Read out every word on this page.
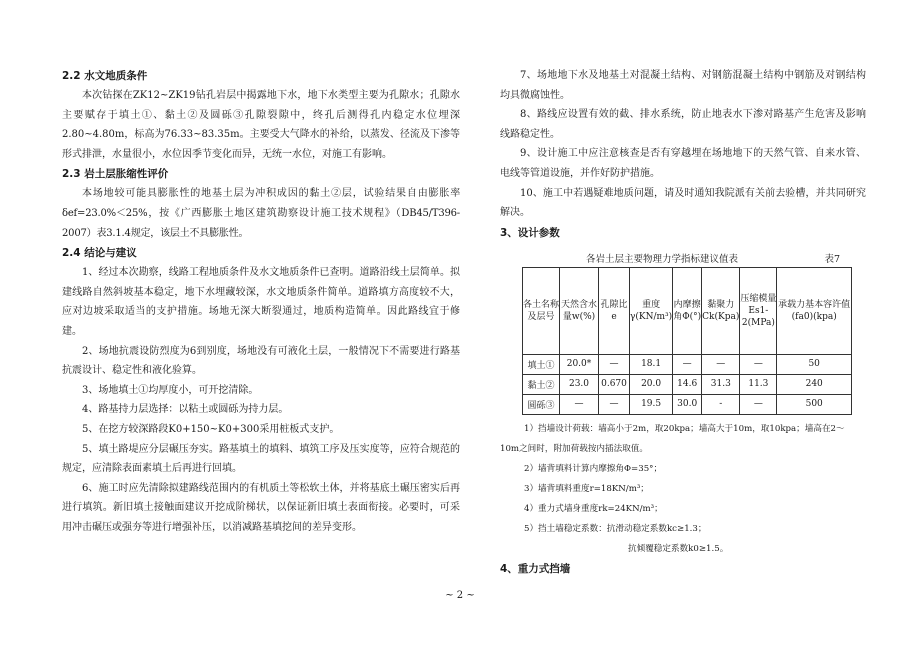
2.2 水文地质条件

本次钻探在ZK12~ZK19钻孔岩层中揭露地下水，地下水类型主要为孔隙水；孔隙水主要赋存于填土①、黏土②及圆砾③孔隙裂隙中，终孔后测得孔内稳定水位埋深2.80~4.80m，标高为76.33~83.35m。主要受大气降水的补给，以蒸发、径流及下渗等形式排泄，水量很小，水位因季节变化而异，无统一水位，对施工有影响。

2.3 岩土层胀缩性评价

本场地较可能具膨胀性的地基土层为冲积成因的黏土②层，试验结果自由膨胀率δef=23.0%＜25%，按《广西膨胀土地区建筑勘察设计施工技术规程》（DB45/T396-2007）表3.1.4规定，该层土不具膨胀性。

2.4 结论与建议

1、经过本次勘察，线路工程地质条件及水文地质条件已查明。道路沿线土层简单。拟建线路自然斜坡基本稳定，地下水埋藏较深，水文地质条件简单。道路填方高度较不大，应对边坡采取适当的支护措施。场地无深大断裂通过，地质构造简单。因此路线宜于修建。

2、场地抗震设防烈度为6到别度，场地没有可液化土层，一般情况下不需要进行路基抗震设计、稳定性和液化验算。

3、场地填土①均厚度小，可开挖清除。

4、路基持力层选择：以粘土或圆砾为持力层。

5、在挖方较深路段K0+150~K0+300采用桩板式支护。

5、填土路堤应分层碾压夯实。路基填土的填料、填筑工序及压实度等，应符合规范的规定，应清除表面素填土后再进行回填。

6、施工时应先清除拟建路线范围内的有机质土等松软土体，并将基底土碾压密实后再进行填筑。新旧填土接触面建议开挖成阶梯状，以保证新旧填土表面衔接。必要时，可采用冲击碾压或强夯等进行增强补压，以消减路基填挖间的差异变形。

7、场地地下水及地基土对混凝土结构、对钢筋混凝土结构中钢筋及对钢结构均具微腐蚀性。

8、路线应设置有效的截、排水系统，防止地表水下渗对路基产生危害及影响线路稳定性。

9、设计施工中应注意核查是否有穿越埋在场地地下的天然气管、自来水管、电线等管道设施，并作好防护措施。

10、施工中若遇疑难地质问题，请及时通知我院派有关前去验槽，并共同研究解决。

3、设计参数
各岩土层主要物理力学指标建议值表	表7
各土名称及层号	天然含水量w(%)	孔隙比e	重度γ(KN/m³)	内摩擦角Φ(°)	黏聚力Ck(Kpa)	压缩模量Es1-2(MPa)	承载力基本容许值(fa0)(kpa)
填土①	20.0*	—	18.1	—	—	—	50
黏土②	23.0	0.670	20.0	14.6	31.3	11.3	240
圆砾③	—	—	19.5	30.0	-	—	500
1）挡墙设计荷载：墙高小于2m，取20kpa；墙高大于10m，取10kpa；墙高在2～
10m之间时，附加荷载按内插法取值。
2）墙背填料计算内摩擦角Φ=35°；
3）墙背填料重度r=18KN/m³；
4）重力式墙身重度rk=24KN/m³；
5）挡土墙稳定系数：抗滑动稳定系数kc≥1.3；
抗倾覆稳定系数k0≥1.5。
4、重力式挡墙
~ 2 ~
